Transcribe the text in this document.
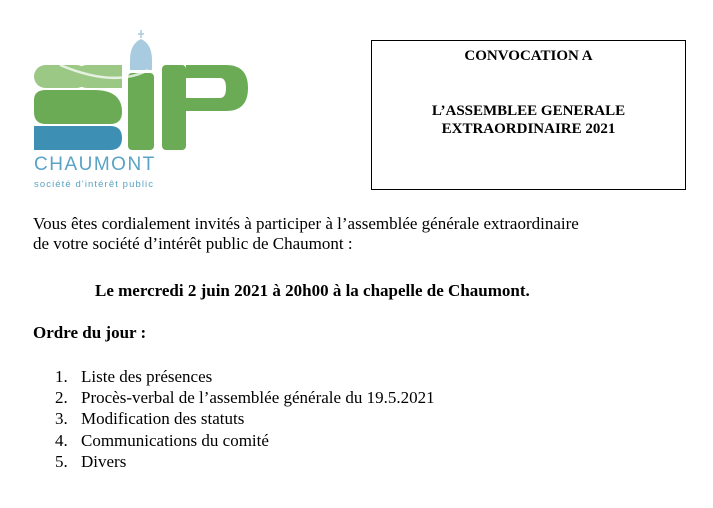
CHAUMONT
société d'intérêt public
CONVOCATION A
L’ASSEMBLEE GENERALE
EXTRAORDINAIRE 2021
Vous êtes cordialement invités à participer à l’assemblée générale extraordinaire
de votre société d’intérêt public de Chaumont :
Le mercredi 2 juin 2021 à 20h00 à la chapelle de Chaumont.
Ordre du jour :
1. Liste des présences
2. Procès-verbal de l’assemblée générale du 19.5.2021
3. Modification des statuts
4. Communications du comité
5. Divers
